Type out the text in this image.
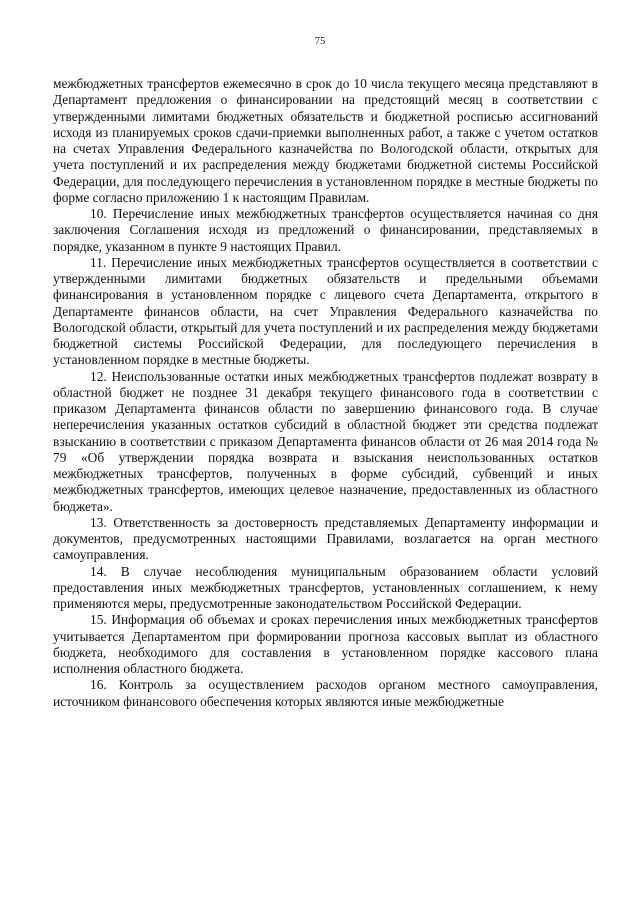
75

межбюджетных трансфертов ежемесячно в срок до 10 числа текущего месяца представляют в Департамент предложения о финансировании на предстоящий месяц в соответствии с утвержденными лимитами бюджетных обязательств и бюджетной росписью ассигнований исходя из планируемых сроков сдачи-приемки выполненных работ, а также с учетом остатков на счетах Управления Федерального казначейства по Вологодской области, открытых для учета поступлений и их распределения между бюджетами бюджетной системы Российской Федерации, для последующего перечисления в установленном порядке в местные бюджеты по форме согласно приложению 1 к настоящим Правилам.

10. Перечисление иных межбюджетных трансфертов осуществляется начиная со дня заключения Соглашения исходя из предложений о финансировании, представляемых в порядке, указанном в пункте 9 настоящих Правил.

11. Перечисление иных межбюджетных трансфертов осуществляется в соответствии с утвержденными лимитами бюджетных обязательств и предельными объемами финансирования в установленном порядке с лицевого счета Департамента, открытого в Департаменте финансов области, на счет Управления Федерального казначейства по Вологодской области, открытый для учета поступлений и их распределения между бюджетами бюджетной системы Российской Федерации, для последующего перечисления в установленном порядке в местные бюджеты.

12. Неиспользованные остатки иных межбюджетных трансфертов подлежат возврату в областной бюджет не позднее 31 декабря текущего финансового года в соответствии с приказом Департамента финансов области по завершению финансового года. В случае неперечисления указанных остатков субсидий в областной бюджет эти средства подлежат взысканию в соответствии с приказом Департамента финансов области от 26 мая 2014 года № 79 «Об утверждении порядка возврата и взыскания неиспользованных остатков межбюджетных трансфертов, полученных в форме субсидий, субвенций и иных межбюджетных трансфертов, имеющих целевое назначение, предоставленных из областного бюджета».

13. Ответственность за достоверность представляемых Департаменту информации и документов, предусмотренных настоящими Правилами, возлагается на орган местного самоуправления.

14. В случае несоблюдения муниципальным образованием области условий предоставления иных межбюджетных трансфертов, установленных соглашением, к нему применяются меры, предусмотренные законодательством Российской Федерации.

15. Информация об объемах и сроках перечисления иных межбюджетных трансфертов учитывается Департаментом при формировании прогноза кассовых выплат из областного бюджета, необходимого для составления в установленном порядке кассового плана исполнения областного бюджета.

16. Контроль за осуществлением расходов органом местного самоуправления, источником финансового обеспечения которых являются иные межбюджетные
